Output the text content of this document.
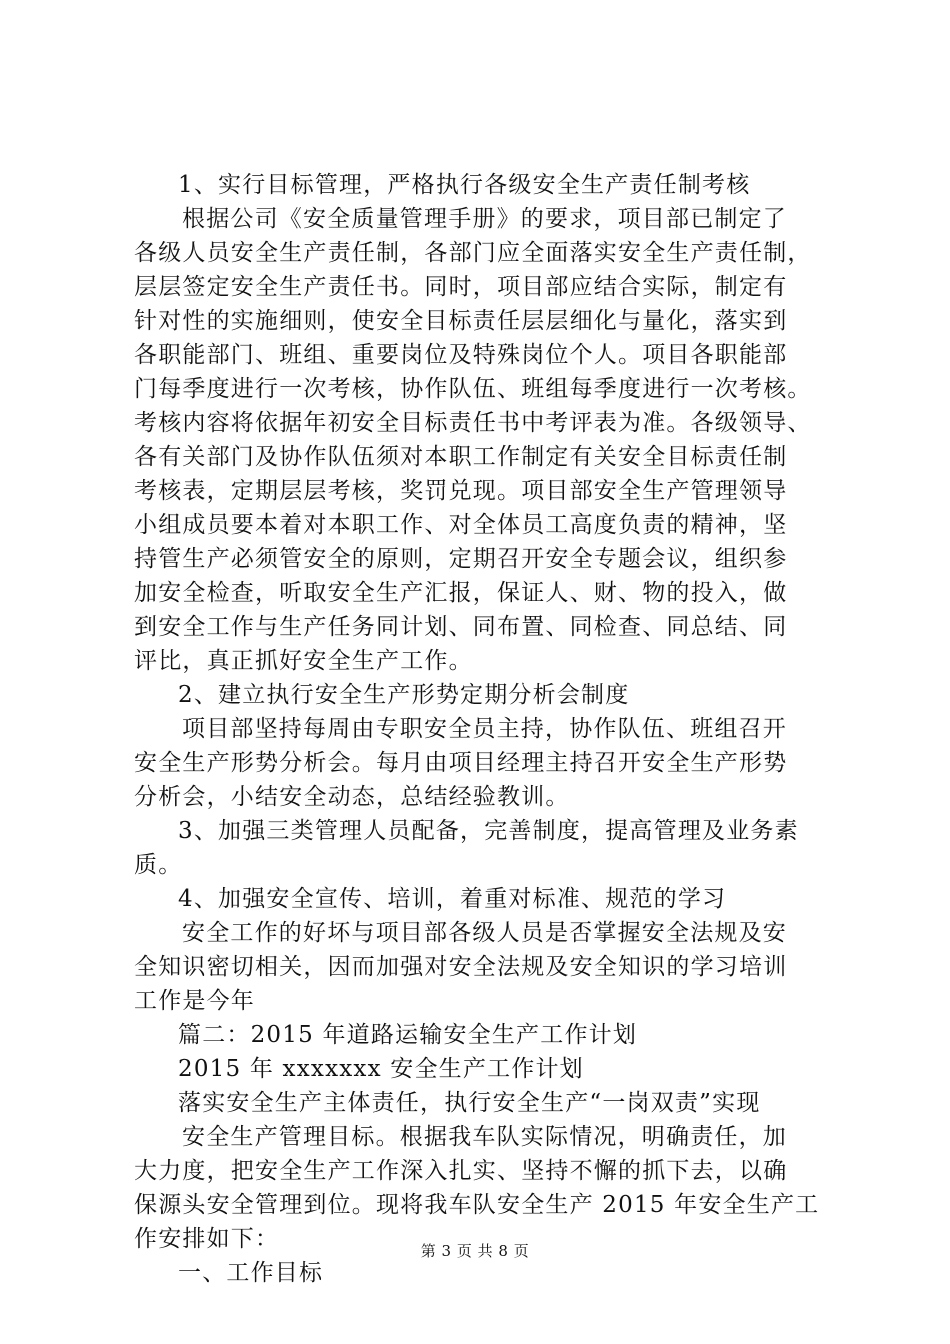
1、实行目标管理，严格执行各级安全生产责任制考核
根据公司《安全质量管理手册》的要求，项目部已制定了
各级人员安全生产责任制，各部门应全面落实安全生产责任制，
层层签定安全生产责任书。同时，项目部应结合实际，制定有
针对性的实施细则，使安全目标责任层层细化与量化，落实到
各职能部门、班组、重要岗位及特殊岗位个人。项目各职能部
门每季度进行一次考核，协作队伍、班组每季度进行一次考核。
考核内容将依据年初安全目标责任书中考评表为准。各级领导、
各有关部门及协作队伍须对本职工作制定有关安全目标责任制
考核表，定期层层考核，奖罚兑现。项目部安全生产管理领导
小组成员要本着对本职工作、对全体员工高度负责的精神，坚
持管生产必须管安全的原则，定期召开安全专题会议，组织参
加安全检查，听取安全生产汇报，保证人、财、物的投入，做
到安全工作与生产任务同计划、同布置、同检查、同总结、同
评比，真正抓好安全生产工作。
2、建立执行安全生产形势定期分析会制度
项目部坚持每周由专职安全员主持，协作队伍、班组召开
安全生产形势分析会。每月由项目经理主持召开安全生产形势
分析会，小结安全动态，总结经验教训。
3、加强三类管理人员配备，完善制度，提高管理及业务素
质。
4、加强安全宣传、培训，着重对标准、规范的学习
安全工作的好坏与项目部各级人员是否掌握安全法规及安
全知识密切相关，因而加强对安全法规及安全知识的学习培训
工作是今年
篇二：2015 年道路运输安全生产工作计划
2015 年 xxxxxxx 安全生产工作计划
落实安全生产主体责任，执行安全生产“一岗双责”实现
安全生产管理目标。根据我车队实际情况，明确责任，加
大力度，把安全生产工作深入扎实、坚持不懈的抓下去，以确
保源头安全管理到位。现将我车队安全生产 2015 年安全生产工
作安排如下：
一、工作目标
第 3 页 共 8 页
